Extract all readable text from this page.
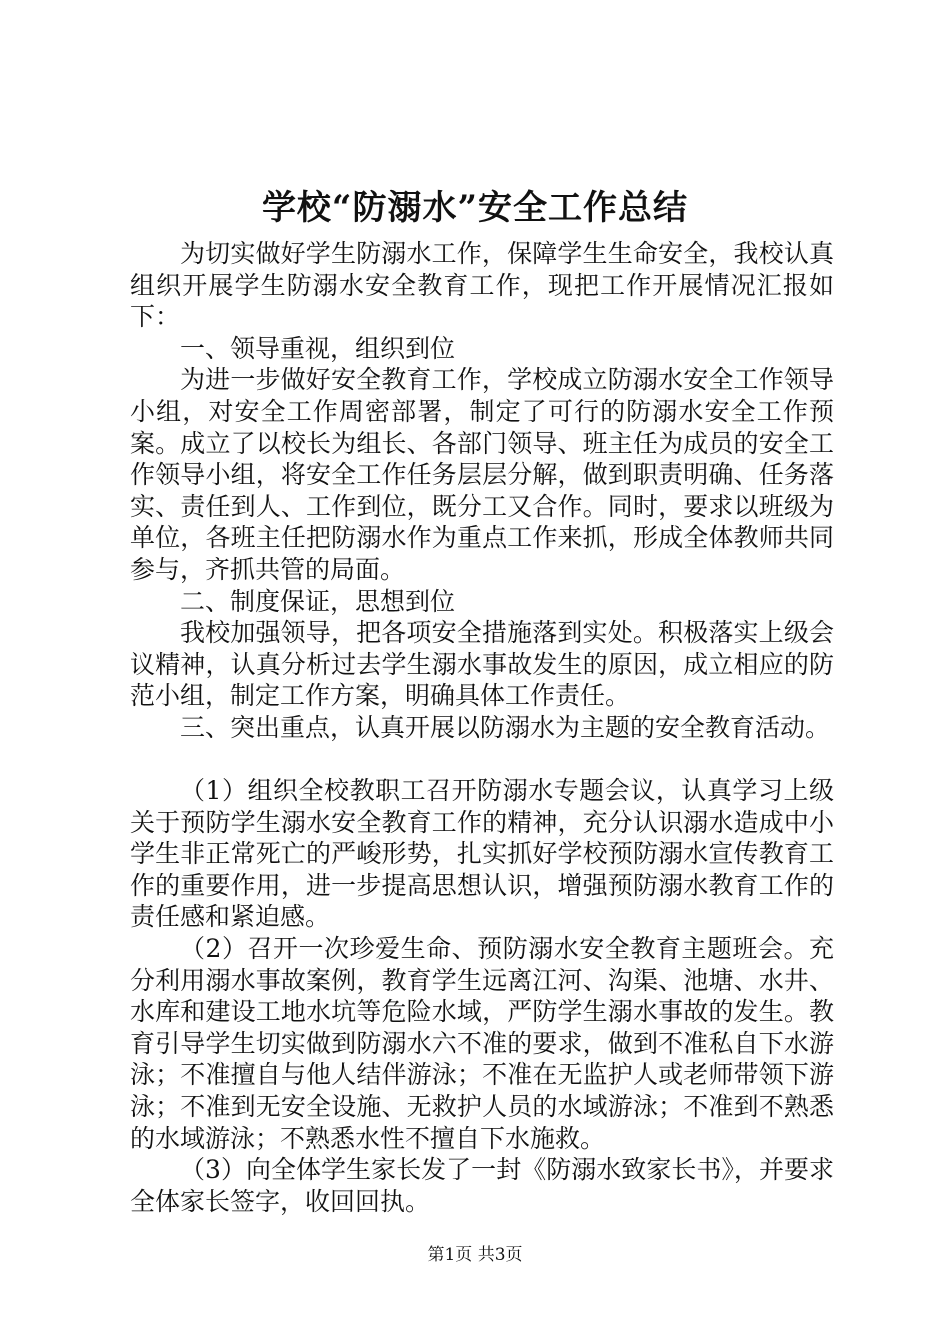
学校“防溺水”安全工作总结

为切实做好学生防溺水工作，保障学生生命安全，我校认真组织开展学生防溺水安全教育工作，现把工作开展情况汇报如下：

一、领导重视，组织到位

为进一步做好安全教育工作，学校成立防溺水安全工作领导小组，对安全工作周密部署，制定了可行的防溺水安全工作预案。成立了以校长为组长、各部门领导、班主任为成员的安全工作领导小组，将安全工作任务层层分解，做到职责明确、任务落实、责任到人、工作到位，既分工又合作。同时，要求以班级为单位，各班主任把防溺水作为重点工作来抓，形成全体教师共同参与，齐抓共管的局面。

二、制度保证，思想到位

我校加强领导，把各项安全措施落到实处。积极落实上级会议精神，认真分析过去学生溺水事故发生的原因，成立相应的防范小组，制定工作方案，明确具体工作责任。

三、突出重点，认真开展以防溺水为主题的安全教育活动。

（1）组织全校教职工召开防溺水专题会议，认真学习上级关于预防学生溺水安全教育工作的精神，充分认识溺水造成中小学生非正常死亡的严峻形势，扎实抓好学校预防溺水宣传教育工作的重要作用，进一步提高思想认识，增强预防溺水教育工作的责任感和紧迫感。

（2）召开一次珍爱生命、预防溺水安全教育主题班会。充分利用溺水事故案例，教育学生远离江河、沟渠、池塘、水井、水库和建设工地水坑等危险水域，严防学生溺水事故的发生。教育引导学生切实做到防溺水六不准的要求，做到不准私自下水游泳；不准擅自与他人结伴游泳；不准在无监护人或老师带领下游泳；不准到无安全设施、无救护人员的水域游泳；不准到不熟悉的水域游泳；不熟悉水性不擅自下水施救。

（3）向全体学生家长发了一封《防溺水致家长书》，并要求全体家长签字，收回回执。

第1页 共3页
